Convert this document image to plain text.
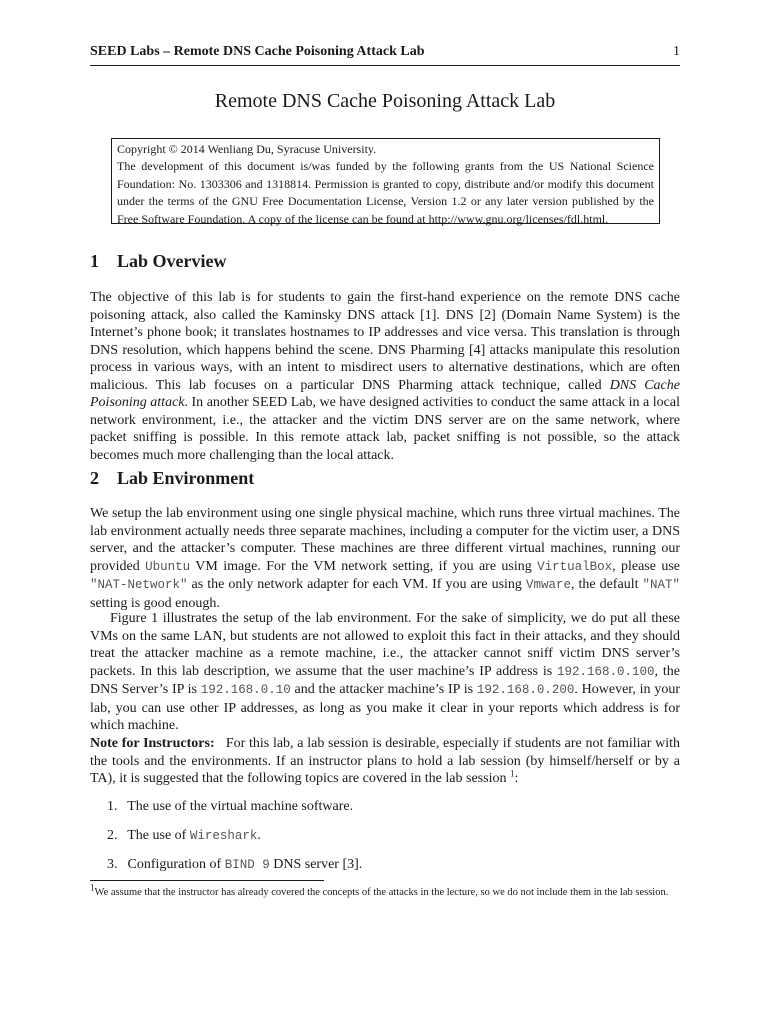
SEED Labs – Remote DNS Cache Poisoning Attack Lab	1
Remote DNS Cache Poisoning Attack Lab

Copyright © 2014 Wenliang Du, Syracuse University.

The development of this document is/was funded by the following grants from the US National Science Foundation: No. 1303306 and 1318814. Permission is granted to copy, distribute and/or modify this document under the terms of the GNU Free Documentation License, Version 1.2 or any later version published by the Free Software Foundation. A copy of the license can be found at http://www.gnu.org/licenses/fdl.html.

1 Lab Overview
The objective of this lab is for students to gain the first-hand experience on the remote DNS cache poisoning attack, also called the Kaminsky DNS attack [1]. DNS [2] (Domain Name System) is the Internet’s phone book; it translates hostnames to IP addresses and vice versa. This translation is through DNS resolution, which happens behind the scene. DNS Pharming [4] attacks manipulate this resolution process in various ways, with an intent to misdirect users to alternative destinations, which are often malicious. This lab focuses on a particular DNS Pharming attack technique, called DNS Cache Poisoning attack. In another SEED Lab, we have designed activities to conduct the same attack in a local network environment, i.e., the attacker and the victim DNS server are on the same network, where packet sniffing is possible. In this remote attack lab, packet sniffing is not possible, so the attack becomes much more challenging than the local attack.
2 Lab Environment
We setup the lab environment using one single physical machine, which runs three virtual machines. The lab environment actually needs three separate machines, including a computer for the victim user, a DNS server, and the attacker’s computer. These machines are three different virtual machines, running our provided Ubuntu VM image. For the VM network setting, if you are using VirtualBox, please use "NAT-Network" as the only network adapter for each VM. If you are using Vmware, the default "NAT" setting is good enough.
Figure 1 illustrates the setup of the lab environment. For the sake of simplicity, we do put all these VMs on the same LAN, but students are not allowed to exploit this fact in their attacks, and they should treat the attacker machine as a remote machine, i.e., the attacker cannot sniff victim DNS server’s packets. In this lab description, we assume that the user machine’s IP address is 192.168.0.100, the DNS Server’s IP is 192.168.0.10 and the attacker machine’s IP is 192.168.0.200. However, in your lab, you can use other IP addresses, as long as you make it clear in your reports which address is for which machine.
Note for Instructors: For this lab, a lab session is desirable, especially if students are not familiar with the tools and the environments. If an instructor plans to hold a lab session (by himself/herself or by a TA), it is suggested that the following topics are covered in the lab session $^1$:
1. The use of the virtual machine software.
2. The use of Wireshark.
3. Configuration of BIND 9 DNS server [3].
$^1$We assume that the instructor has already covered the concepts of the attacks in the lecture, so we do not include them in the lab session.
